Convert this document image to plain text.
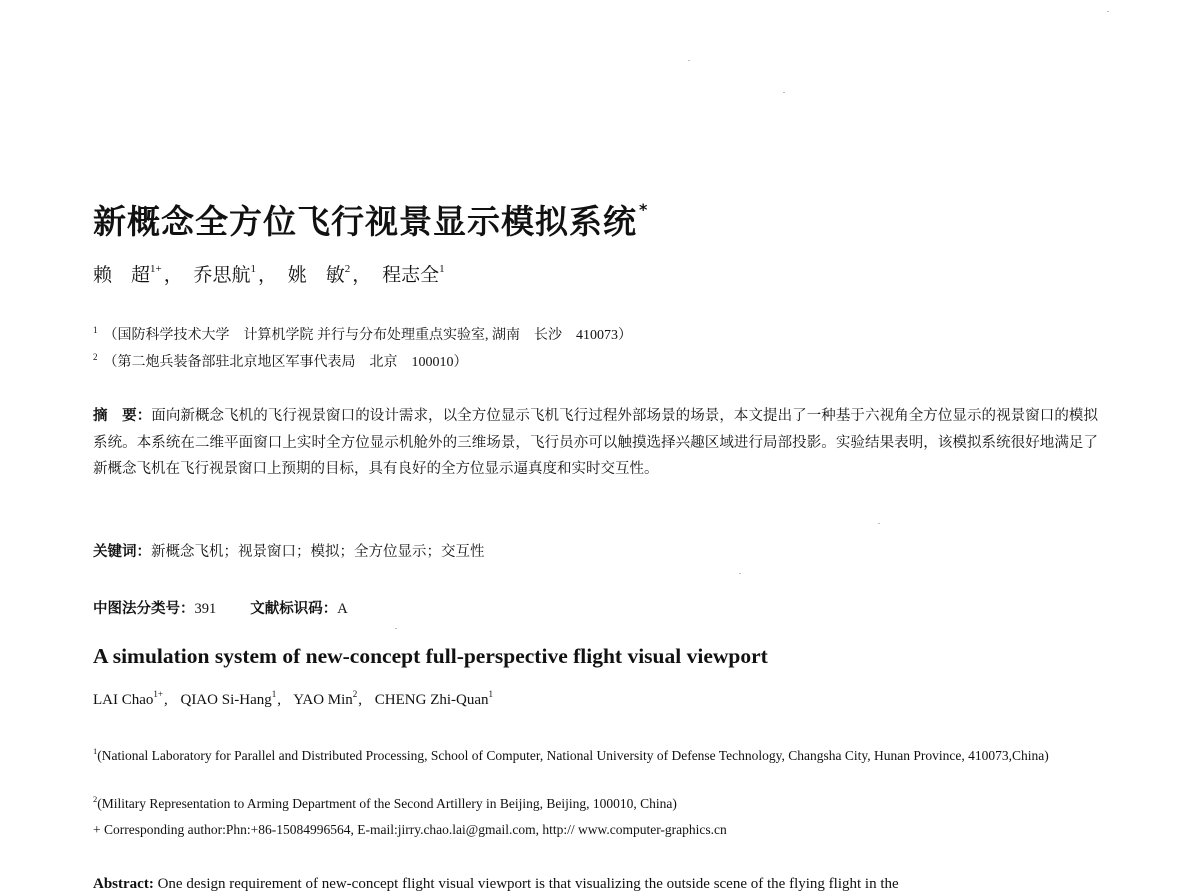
新概念全方位飞行视景显示模拟系统 *
赖　超$^{1+}$ ， 乔思航$^1$ ， 姚　敏$^2$ ， 程志全$^1$
$^1$ （国防科学技术大学　计算机学院 并行与分布处理重点实验室, 湖南　长沙　410073）
$^2$ （第二炮兵装备部驻北京地区军事代表局　北京　100010）
摘　要：面向新概念飞机的飞行视景窗口的设计需求，以全方位显示飞机飞行过程外部场景的场景，本文提出了一种基于六视角全方位显示的视景窗口的模拟系统。本系统在二维平面窗口上实时全方位显示机舱外的三维场景，飞行员亦可以触摸选择兴趣区域进行局部投影。实验结果表明，该模拟系统很好地满足了新概念飞机在飞行视景窗口上预期的目标，具有良好的全方位显示逼真度和实时交互性。
关键词：新概念飞机；视景窗口；模拟；全方位显示；交互性
中图法分类号：391 文献标识码：A
A simulation system of new-concept full-perspective flight visual viewport
LAI Chao$^{1+}$, QIAO Si-Hang$^1$, YAO Min$^2$, CHENG Zhi-Quan$^1$
$^1$(National Laboratory for Parallel and Distributed Processing, School of Computer, National University of Defense Technology, Changsha City, Hunan Province, 410073,China)
$^2$(Military Representation to Arming Department of the Second Artillery in Beijing, Beijing, 100010, China)
+ Corresponding author:Phn:+86-15084996564, E-mail:jirry.chao.lai@gmail.com, http:// www.computer-graphics.cn
Abstract: One design requirement of new-concept flight visual viewport is that visualizing the outside scene of the flying flight in the
